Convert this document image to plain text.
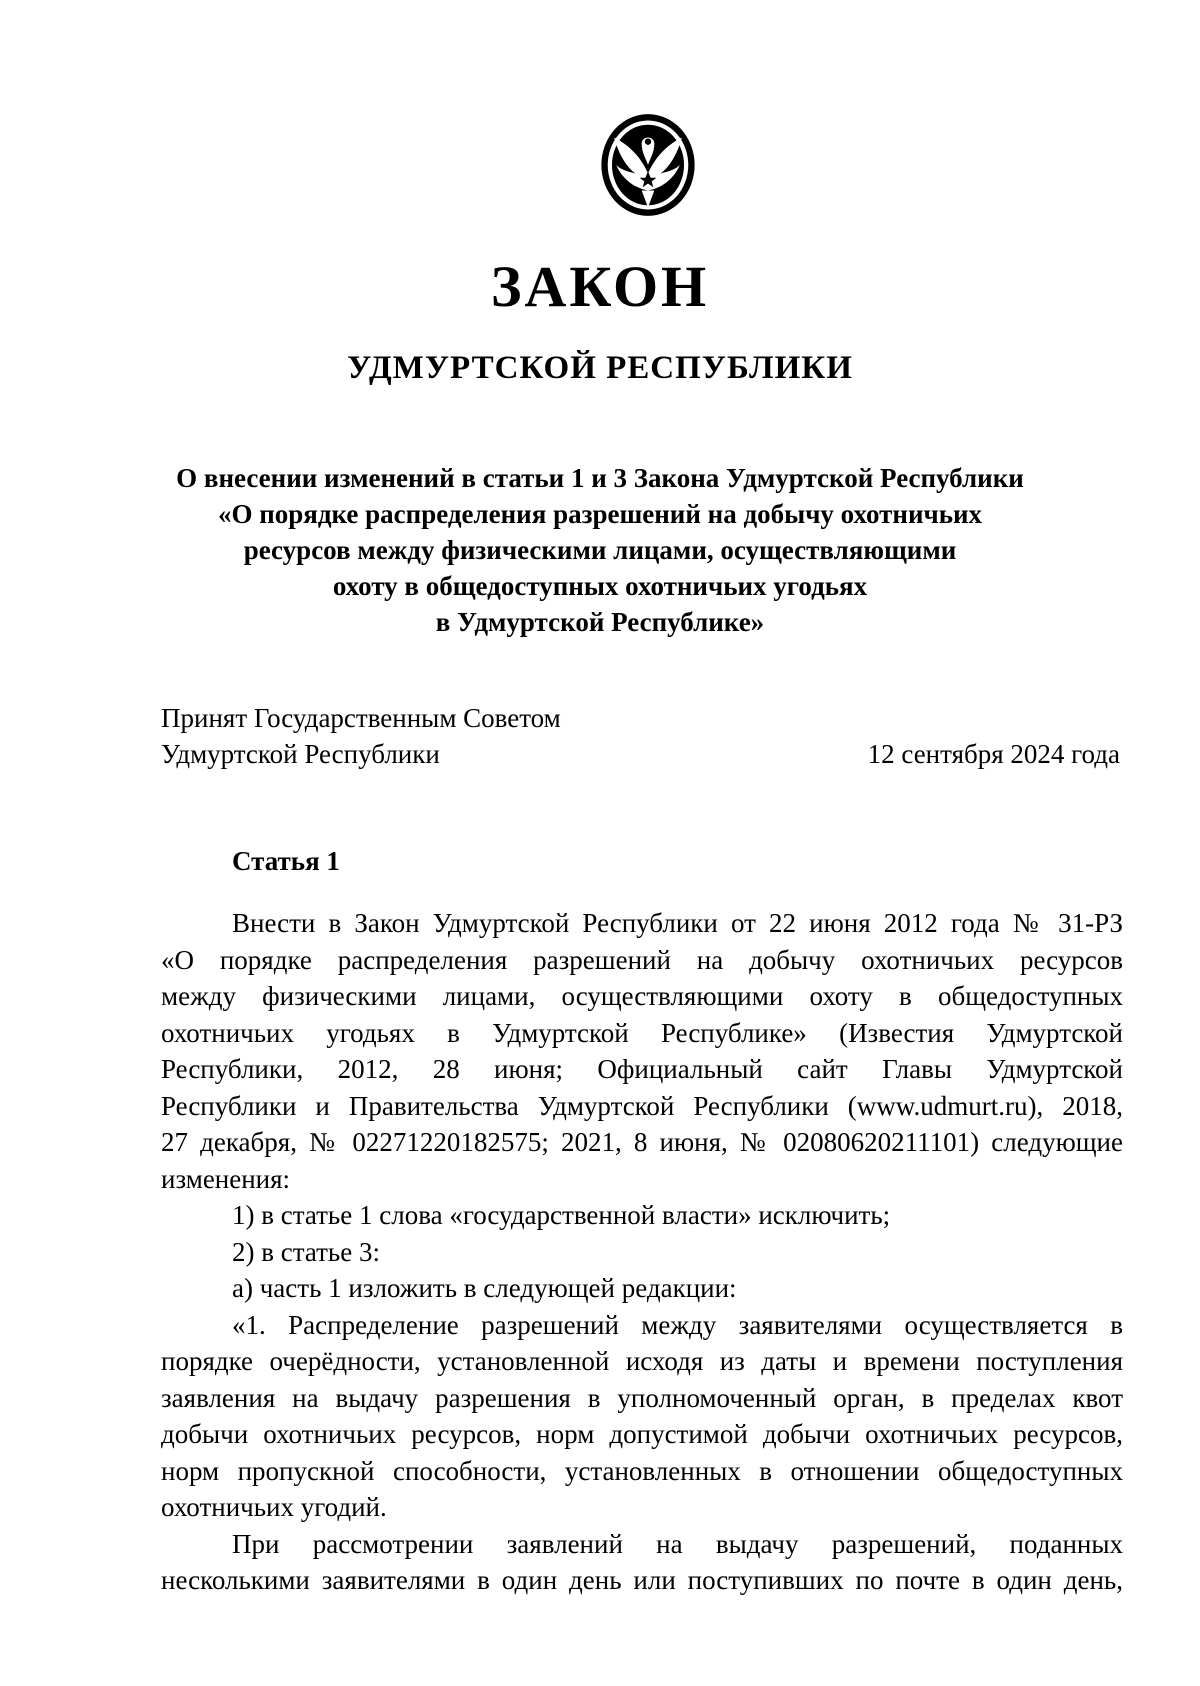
ЗАКОН
УДМУРТСКОЙ РЕСПУБЛИКИ
О внесении изменений в статьи 1 и 3 Закона Удмуртской Республики
«О порядке распределения разрешений на добычу охотничьих
ресурсов между физическими лицами, осуществляющими
охоту в общедоступных охотничьих угодьях
в Удмуртской Республике»
Принят Государственным Советом
Удмуртской Республики	12 сентября 2024 года
Статья 1
Внести в Закон Удмуртской Республики от 22 июня 2012 года № 31-РЗ
«О порядке распределения разрешений на добычу охотничьих ресурсов
между физическими лицами, осуществляющими охоту в общедоступных
охотничьих угодьях в Удмуртской Республике» (Известия Удмуртской
Республики, 2012, 28 июня; Официальный сайт Главы Удмуртской
Республики и Правительства Удмуртской Республики (www.udmurt.ru), 2018,
27 декабря, № 02271220182575; 2021, 8 июня, № 02080620211101) следующие
изменения:
1) в статье 1 слова «государственной власти» исключить;
2) в статье 3:
а) часть 1 изложить в следующей редакции:
«1. Распределение разрешений между заявителями осуществляется в
порядке очерёдности, установленной исходя из даты и времени поступления
заявления на выдачу разрешения в уполномоченный орган, в пределах квот
добычи охотничьих ресурсов, норм допустимой добычи охотничьих ресурсов,
норм пропускной способности, установленных в отношении общедоступных
охотничьих угодий.
При рассмотрении заявлений на выдачу разрешений, поданных
несколькими заявителями в один день или поступивших по почте в один день,
